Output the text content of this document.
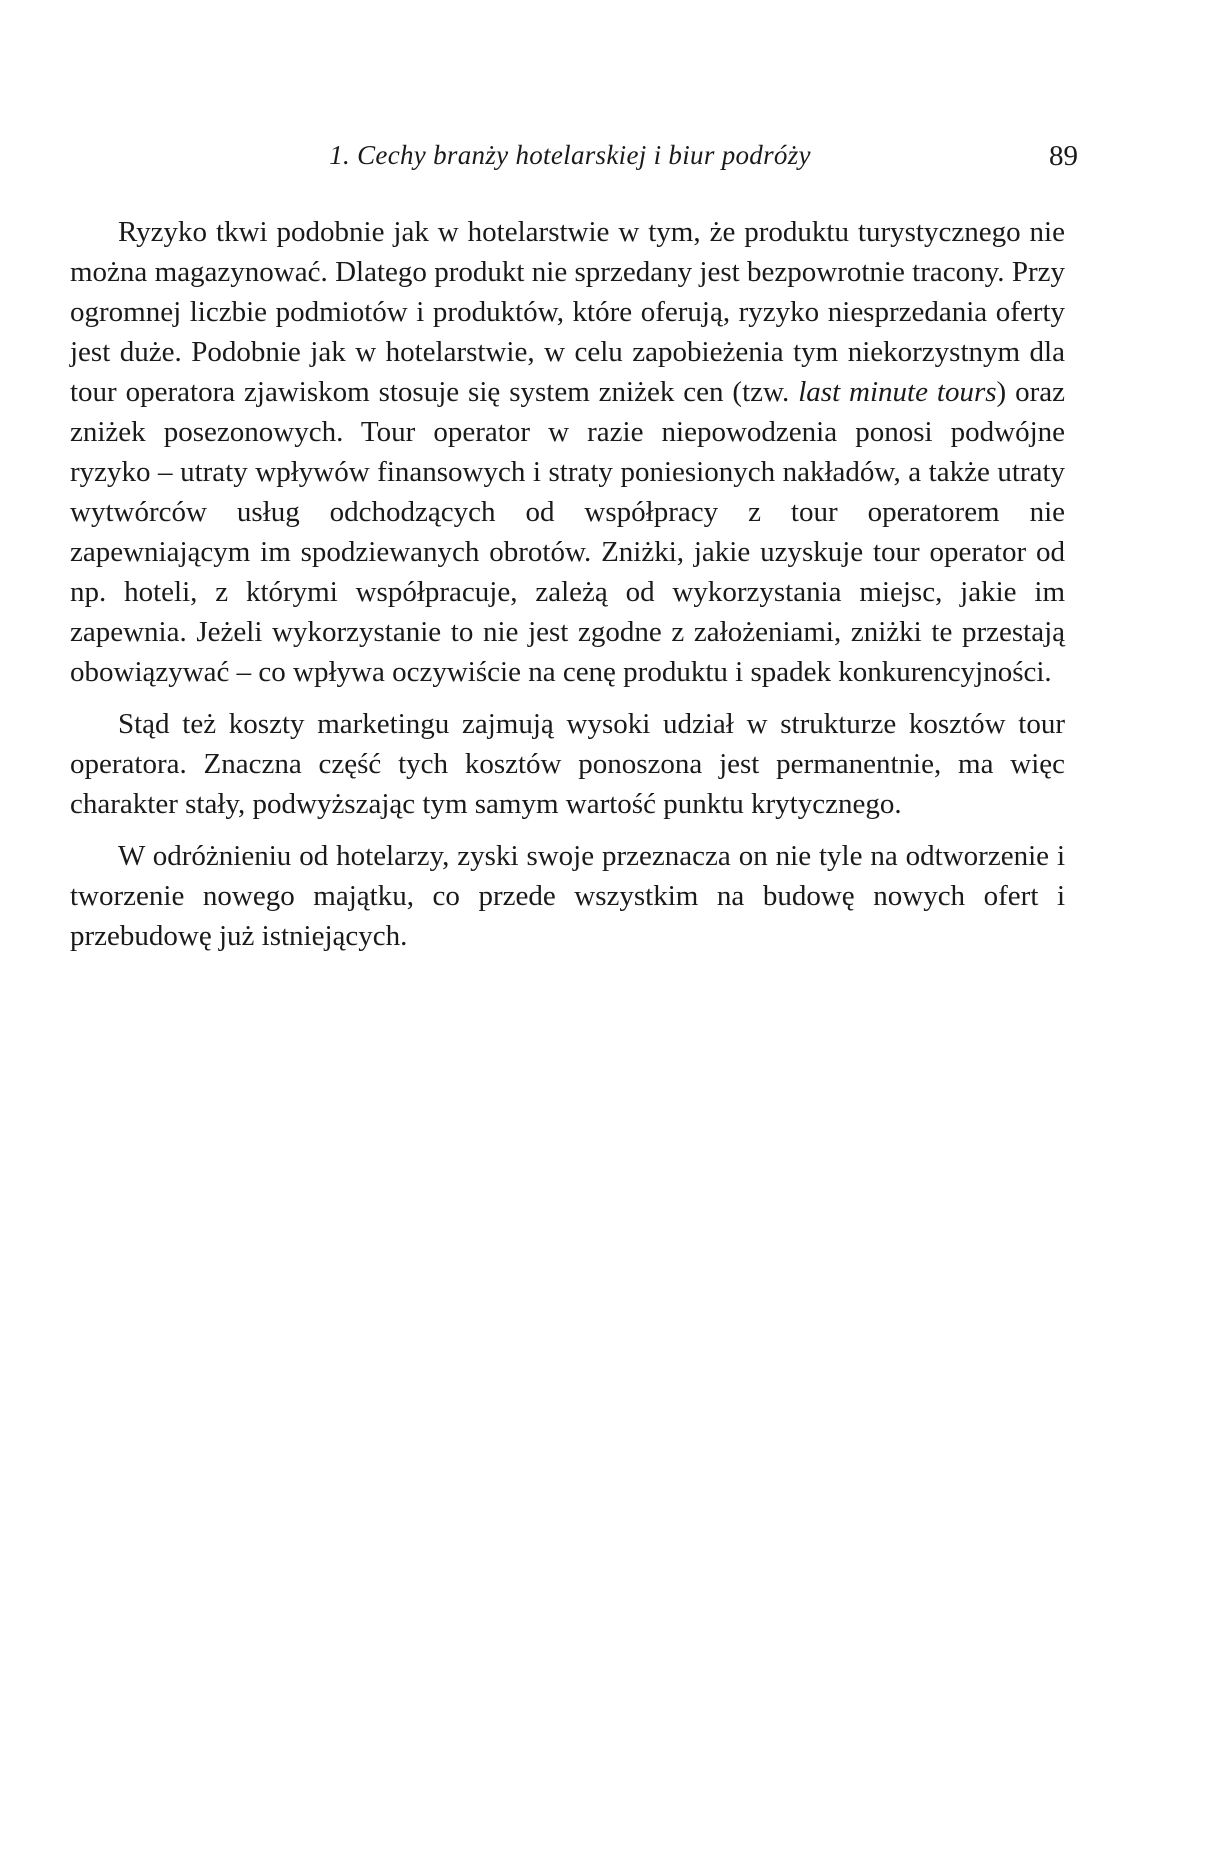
1. Cechy branży hotelarskiej i biur podróży	89

Ryzyko tkwi podobnie jak w hotelarstwie w tym, że produktu turystycznego nie można magazynować. Dlatego produkt nie sprzedany jest bezpowrotnie tracony. Przy ogromnej liczbie podmiotów i produktów, które oferują, ryzyko niesprzedania oferty jest duże. Podobnie jak w hotelarstwie, w celu zapobieżenia tym niekorzystnym dla tour operatora zjawiskom stosuje się system zniżek cen (tzw. last minute tours) oraz zniżek posezonowych. Tour operator w razie niepowodzenia ponosi podwójne ryzyko – utraty wpływów finansowych i straty poniesionych nakładów, a także utraty wytwórców usług odchodzących od współpracy z tour operatorem nie zapewniającym im spodziewanych obrotów. Zniżki, jakie uzyskuje tour operator od np. hoteli, z którymi współpracuje, zależą od wykorzystania miejsc, jakie im zapewnia. Jeżeli wykorzystanie to nie jest zgodne z założeniami, zniżki te przestają obowiązywać – co wpływa oczywiście na cenę produktu i spadek konkurencyjności.

Stąd też koszty marketingu zajmują wysoki udział w strukturze kosztów tour operatora. Znaczna część tych kosztów ponoszona jest permanentnie, ma więc charakter stały, podwyższając tym samym wartość punktu krytycznego.

W odróżnieniu od hotelarzy, zyski swoje przeznacza on nie tyle na odtworzenie i tworzenie nowego majątku, co przede wszystkim na budowę nowych ofert i przebudowę już istniejących.
